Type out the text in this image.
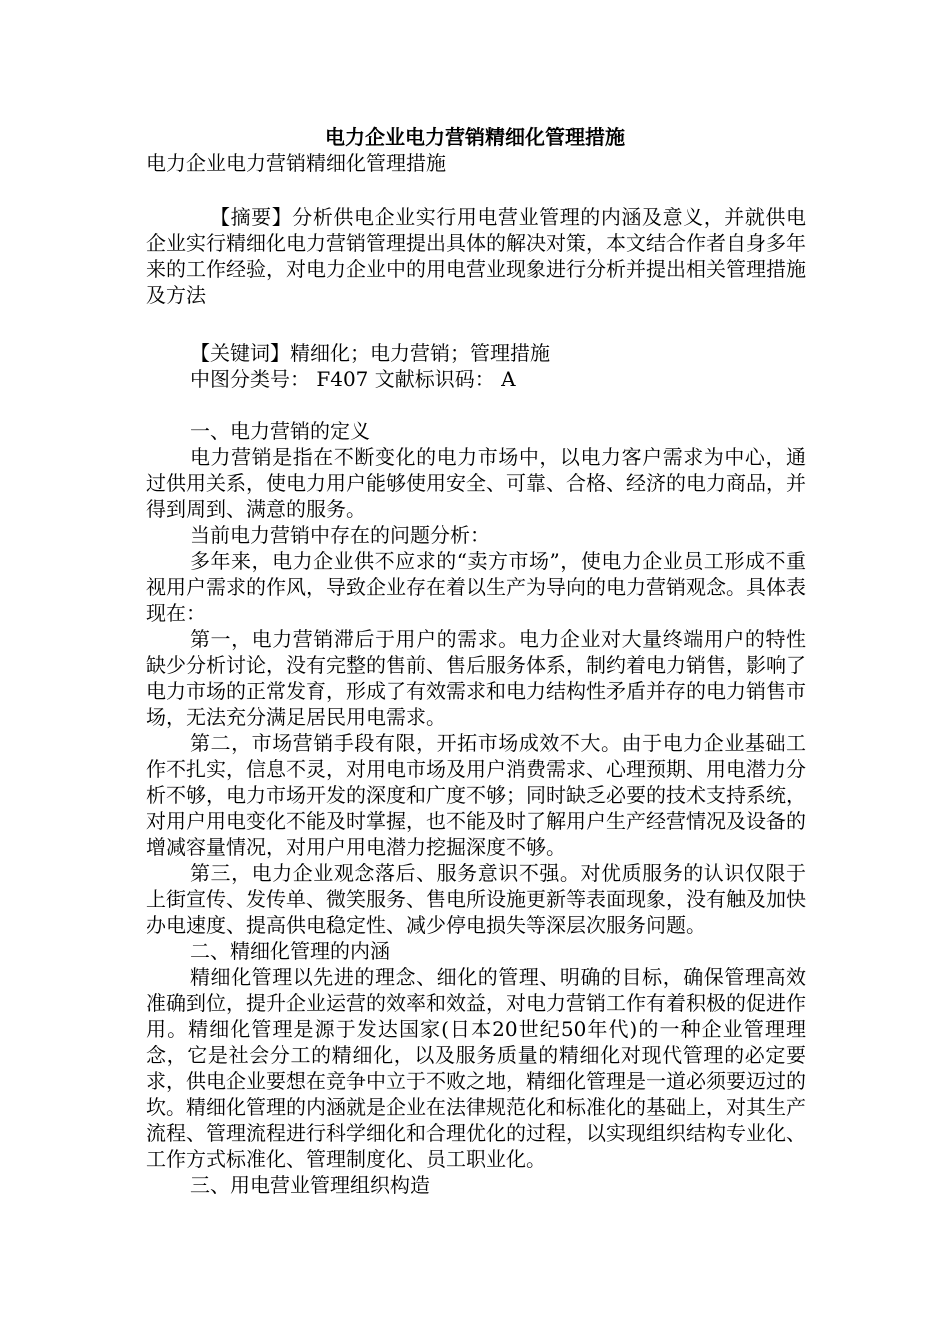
电力企业电力营销精细化管理措施

电力企业电力营销精细化管理措施

【摘要】分析供电企业实行用电营业管理的内涵及意义，并就供电企业实行精细化电力营销管理提出具体的解决对策，本文结合作者自身多年来的工作经验，对电力企业中的用电营业现象进行分析并提出相关管理措施及方法

【关键词】精细化；电力营销；管理措施

中图分类号： F407 文献标识码： A

一、电力营销的定义

电力营销是指在不断变化的电力市场中，以电力客户需求为中心，通过供用关系，使电力用户能够使用安全、可靠、合格、经济的电力商品，并得到周到、满意的服务。

当前电力营销中存在的问题分析：

多年来，电力企业供不应求的“卖方市场”，使电力企业员工形成不重视用户需求的作风，导致企业存在着以生产为导向的电力营销观念。具体表现在：

第一，电力营销滞后于用户的需求。电力企业对大量终端用户的特性缺少分析讨论，没有完整的售前、售后服务体系，制约着电力销售，影响了电力市场的正常发育，形成了有效需求和电力结构性矛盾并存的电力销售市场，无法充分满足居民用电需求。

第二，市场营销手段有限，开拓市场成效不大。由于电力企业基础工作不扎实，信息不灵，对用电市场及用户消费需求、心理预期、用电潜力分析不够，电力市场开发的深度和广度不够；同时缺乏必要的技术支持系统，对用户用电变化不能及时掌握，也不能及时了解用户生产经营情况及设备的增减容量情况，对用户用电潜力挖掘深度不够。

第三，电力企业观念落后、服务意识不强。对优质服务的认识仅限于上街宣传、发传单、微笑服务、售电所设施更新等表面现象，没有触及加快办电速度、提高供电稳定性、减少停电损失等深层次服务问题。

二、精细化管理的内涵

精细化管理以先进的理念、细化的管理、明确的目标，确保管理高效准确到位，提升企业运营的效率和效益，对电力营销工作有着积极的促进作用。精细化管理是源于发达国家(日本20世纪50年代)的一种企业管理理念，它是社会分工的精细化，以及服务质量的精细化对现代管理的必定要求，供电企业要想在竞争中立于不败之地，精细化管理是一道必须要迈过的坎。精细化管理的内涵就是企业在法律规范化和标准化的基础上，对其生产流程、管理流程进行科学细化和合理优化的过程，以实现组织结构专业化、工作方式标准化、管理制度化、员工职业化。

三、用电营业管理组织构造
